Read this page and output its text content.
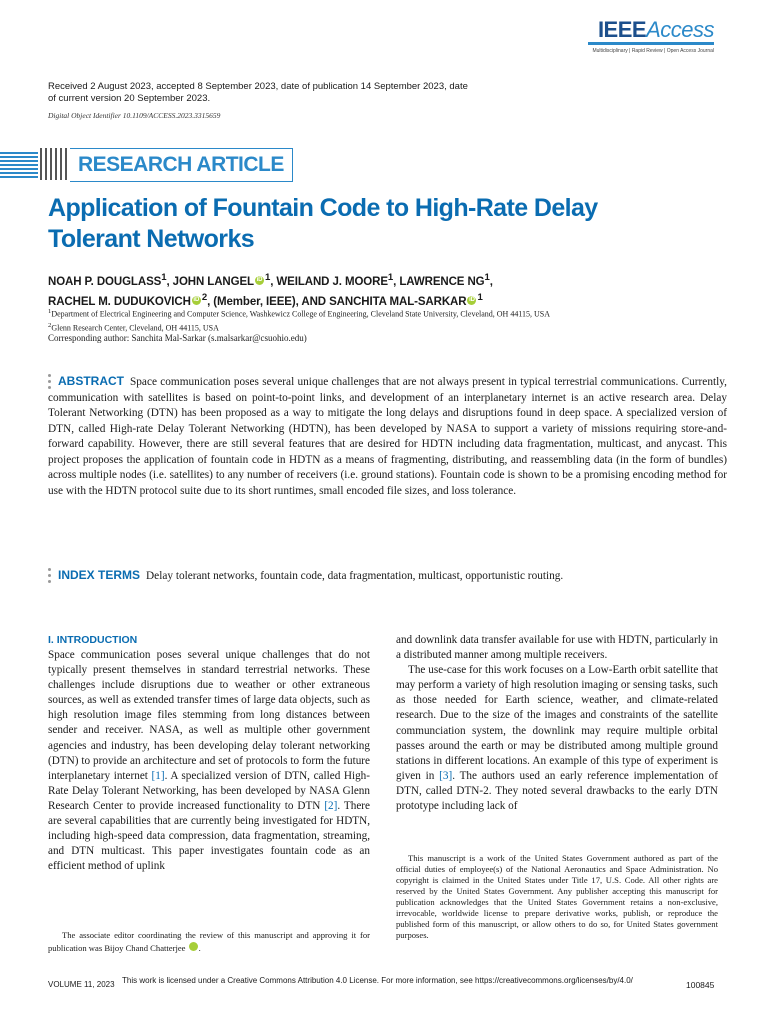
IEEEAccess
Multidisciplinary | Rapid Review | Open Access Journal
Received 2 August 2023, accepted 8 September 2023, date of publication 14 September 2023, date of current version 20 September 2023.
Digital Object Identifier 10.1109/ACCESS.2023.3315659
RESEARCH ARTICLE
Application of Fountain Code to High-Rate Delay Tolerant Networks
NOAH P. DOUGLASS$^1$, JOHN LANGEL iD $^1$, WEILAND J. MOORE$^1$, LAWRENCE $NG^1$,
RACHEL M. DUDUKOVICH iD $^2$, (Member, IEEE), AND SANCHITA MAL-SARKAR iD $^1$
$^1$Department of Electrical Engineering and Computer Science, Washkewicz College of Engineering, Cleveland State University, Cleveland, OH 44115, USA
$^2$Glenn Research Center, Cleveland, OH 44115, USA
Corresponding author: Sanchita Mal-Sarkar (s.malsarkar@csuohio.edu)
ABSTRACT Space communication poses several unique challenges that are not always present in typical terrestrial communications. Currently, communication with satellites is based on point-to-point links, and development of an interplanetary internet is an active research area. Delay Tolerant Networking (DTN) has been proposed as a way to mitigate the long delays and disruptions found in deep space. A specialized version of DTN, called High-rate Delay Tolerant Networking (HDTN), has been developed by NASA to support a variety of missions requiring store-and-forward capability. However, there are still several features that are desired for HDTN including data fragmentation, multicast, and anycast. This project proposes the application of fountain code in HDTN as a means of fragmenting, distributing, and reassembling data (in the form of bundles) across multiple nodes (i.e. satellites) to any number of receivers (i.e. ground stations). Fountain code is shown to be a promising encoding method for use with the HDTN protocol suite due to its short runtimes, small encoded file sizes, and loss tolerance.
INDEX TERMS Delay tolerant networks, fountain code, data fragmentation, multicast, opportunistic routing.
I. INTRODUCTION

Space communication poses several unique challenges that do not typically present themselves in standard terrestrial networks. These challenges include disruptions due to weather or other extraneous sources, as well as extended transfer times of large data objects, such as high resolution image files stemming from long distances between sender and receiver. NASA, as well as multiple other government agencies and industry, has been developing delay tolerant networking (DTN) to provide an architecture and set of protocols to form the future interplanetary internet [1]. A specialized version of DTN, called High-Rate Delay Tolerant Networking, has been developed by NASA Glenn Research Center to provide increased functionality to DTN [2]. There are several capabilities that are currently being investigated for HDTN, including high-speed data compression, data fragmentation, streaming, and DTN multicast. This paper investigates fountain code as an efficient method of uplink

and downlink data transfer available for use with HDTN, particularly in a distributed manner among multiple receivers.

The use-case for this work focuses on a Low-Earth orbit satellite that may perform a variety of high resolution imaging or sensing tasks, such as those needed for Earth science, weather, and climate-related research. Due to the size of the images and constraints of the satellite communciation system, the downlink may require multiple orbital passes around the earth or may be distributed among multiple ground stations in different locations. An example of this type of experiment is given in [3]. The authors used an early reference implementation of DTN, called DTN-2. They noted several drawbacks to the early DTN prototype including lack of

The associate editor coordinating the review of this manuscript and approving it for publication was Bijoy Chand Chatterjee	iD.
This manuscript is a work of the United States Government authored as part of the official duties of employee(s) of the National Aeronautics and Space Administration. No copyright is claimed in the United States under Title 17, U.S. Code. All other rights are reserved by the United States Government. Any publisher accepting this manuscript for publication acknowledges that the United States Government retains a non-exclusive, irrevocable, worldwide license to prepare derivative works, publish, or reproduce the published form of this manuscript, or allow others to do so, for United States government purposes.
VOLUME 11, 2023 This work is licensed under a Creative Commons Attribution 4.0 License. For more information, see https://creativecommons.org/licenses/by/4.0/	100845
